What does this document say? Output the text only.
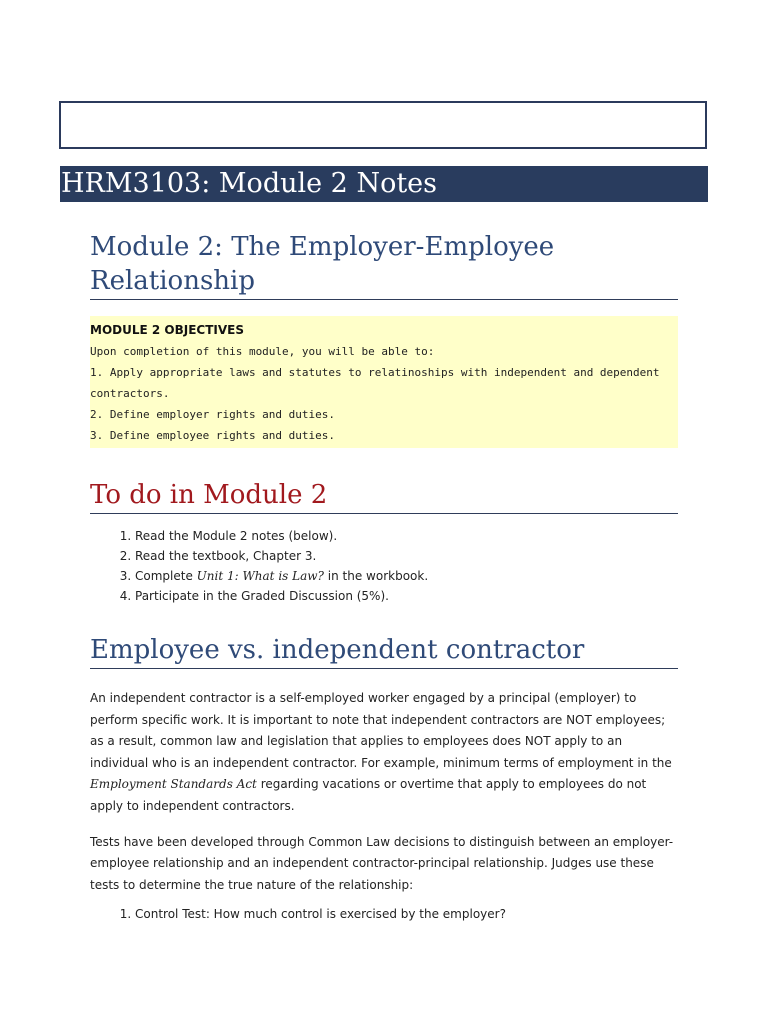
HRM3103: Module 2 Notes
Module 2: The Employer-Employee Relationship
MODULE 2 OBJECTIVES
Upon completion of this module, you will be able to:
1. Apply appropriate laws and statutes to relatinoships with independent and dependent
contractors.
2. Define employer rights and duties.
3. Define employee rights and duties.
To do in Module 2
1. Read the Module 2 notes (below).
2. Read the textbook, Chapter 3.
3. Complete Unit 1: What is Law? in the workbook.
4. Participate in the Graded Discussion (5%).
Employee vs. independent contractor

An independent contractor is a self-employed worker engaged by a principal (employer) to perform specific work. It is important to note that independent contractors are NOT employees; as a result, common law and legislation that applies to employees does NOT apply to an individual who is an independent contractor. For example, minimum terms of employment in the Employment Standards Act regarding vacations or overtime that apply to employees do not apply to independent contractors.

Tests have been developed through Common Law decisions to distinguish between an employer-employee relationship and an independent contractor-principal relationship. Judges use these tests to determine the true nature of the relationship:

1. Control Test: How much control is exercised by the employer?
